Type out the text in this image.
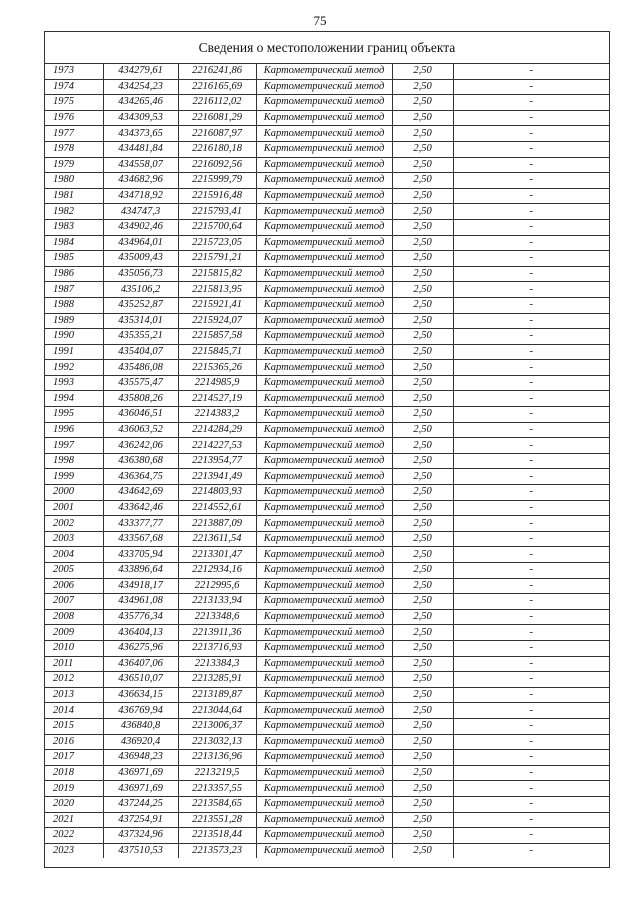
75
Сведения о местоположении границ объекта
1973	434279,61	2216241,86	Картометрический метод	2,50	-
1974	434254,23	2216165,69	Картометрический метод	2,50	-
1975	434265,46	2216112,02	Картометрический метод	2,50	-
1976	434309,53	2216081,29	Картометрический метод	2,50	-
1977	434373,65	2216087,97	Картометрический метод	2,50	-
1978	434481,84	2216180,18	Картометрический метод	2,50	-
1979	434558,07	2216092,56	Картометрический метод	2,50	-
1980	434682,96	2215999,79	Картометрический метод	2,50	-
1981	434718,92	2215916,48	Картометрический метод	2,50	-
1982	434747,3	2215793,41	Картометрический метод	2,50	-
1983	434902,46	2215700,64	Картометрический метод	2,50	-
1984	434964,01	2215723,05	Картометрический метод	2,50	-
1985	435009,43	2215791,21	Картометрический метод	2,50	-
1986	435056,73	2215815,82	Картометрический метод	2,50	-
1987	435106,2	2215813,95	Картометрический метод	2,50	-
1988	435252,87	2215921,41	Картометрический метод	2,50	-
1989	435314,01	2215924,07	Картометрический метод	2,50	-
1990	435355,21	2215857,58	Картометрический метод	2,50	-
1991	435404,07	2215845,71	Картометрический метод	2,50	-
1992	435486,08	2215365,26	Картометрический метод	2,50	-
1993	435575,47	2214985,9	Картометрический метод	2,50	-
1994	435808,26	2214527,19	Картометрический метод	2,50	-
1995	436046,51	2214383,2	Картометрический метод	2,50	-
1996	436063,52	2214284,29	Картометрический метод	2,50	-
1997	436242,06	2214227,53	Картометрический метод	2,50	-
1998	436380,68	2213954,77	Картометрический метод	2,50	-
1999	436364,75	2213941,49	Картометрический метод	2,50	-
2000	434642,69	2214803,93	Картометрический метод	2,50	-
2001	433642,46	2214552,61	Картометрический метод	2,50	-
2002	433377,77	2213887,09	Картометрический метод	2,50	-
2003	433567,68	2213611,54	Картометрический метод	2,50	-
2004	433705,94	2213301,47	Картометрический метод	2,50	-
2005	433896,64	2212934,16	Картометрический метод	2,50	-
2006	434918,17	2212995,6	Картометрический метод	2,50	-
2007	434961,08	2213133,94	Картометрический метод	2,50	-
2008	435776,34	2213348,6	Картометрический метод	2,50	-
2009	436404,13	2213911,36	Картометрический метод	2,50	-
2010	436275,96	2213716,93	Картометрический метод	2,50	-
2011	436407,06	2213384,3	Картометрический метод	2,50	-
2012	436510,07	2213285,91	Картометрический метод	2,50	-
2013	436634,15	2213189,87	Картометрический метод	2,50	-
2014	436769,94	2213044,64	Картометрический метод	2,50	-
2015	436840,8	2213006,37	Картометрический метод	2,50	-
2016	436920,4	2213032,13	Картометрический метод	2,50	-
2017	436948,23	2213136,96	Картометрический метод	2,50	-
2018	436971,69	2213219,5	Картометрический метод	2,50	-
2019	436971,69	2213357,55	Картометрический метод	2,50	-
2020	437244,25	2213584,65	Картометрический метод	2,50	-
2021	437254,91	2213551,28	Картометрический метод	2,50	-
2022	437324,96	2213518,44	Картометрический метод	2,50	-
2023	437510,53	2213573,23	Картометрический метод	2,50	-
